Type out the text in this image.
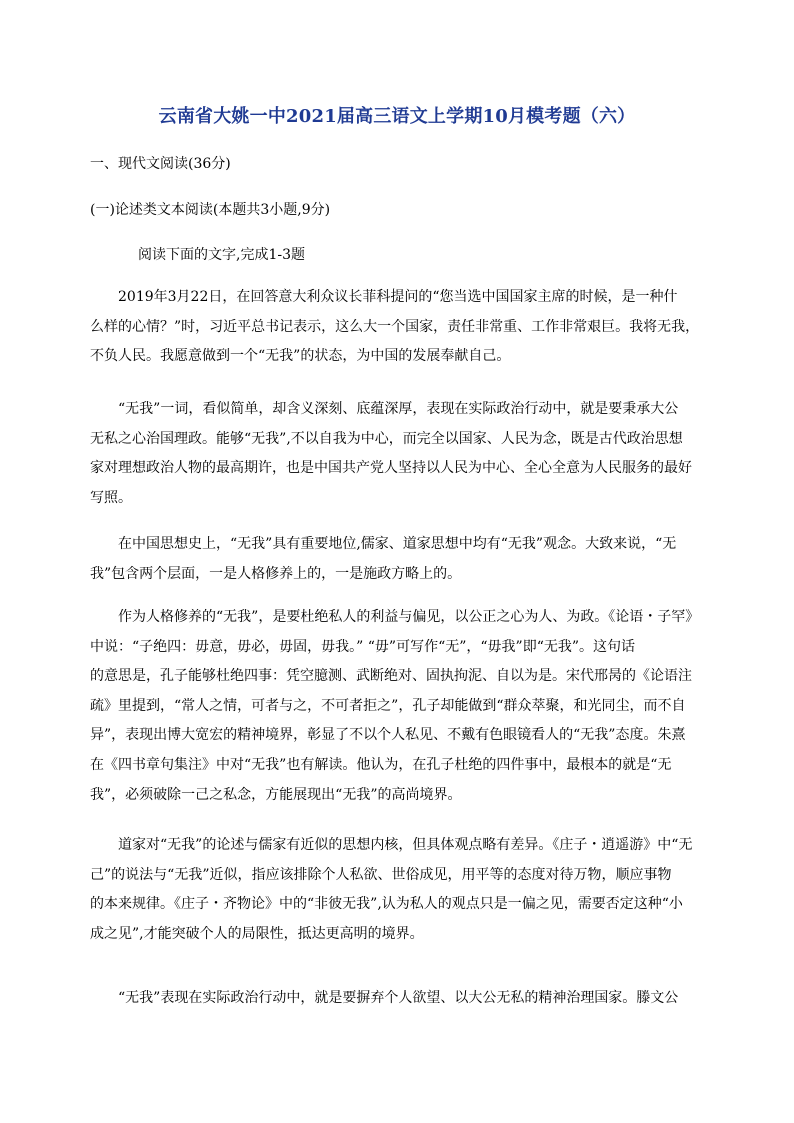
云南省大姚一中2021届高三语文上学期10月模考题（六）
一、现代文阅读(36分)
(一)论述类文本阅读(本题共3小题,9分)
阅读下面的文字,完成1-3题
2019年3月22日，在回答意大利众议长菲科提问的“您当选中国国家主席的时候，是一种什
么样的心情？”时，习近平总书记表示，这么大一个国家，责任非常重、工作非常艰巨。我将无我，
不负人民。我愿意做到一个“无我”的状态，为中国的发展奉献自己。
“无我”一词，看似简单，却含义深刻、底蕴深厚，表现在实际政治行动中，就是要秉承大公
无私之心治国理政。能够“无我”,不以自我为中心，而完全以国家、人民为念，既是古代政治思想
家对理想政治人物的最高期许，也是中国共产党人坚持以人民为中心、全心全意为人民服务的最好
写照。
在中国思想史上，“无我”具有重要地位,儒家、道家思想中均有“无我”观念。大致来说，“无
我”包含两个层面，一是人格修养上的，一是施政方略上的。
作为人格修养的“无我”，是要杜绝私人的利益与偏见，以公正之心为人、为政。《论语・子罕》
中说：“子绝四：毋意，毋必，毋固，毋我。” “毋”可写作“无”，“毋我”即“无我”。这句话
的意思是，孔子能够杜绝四事：凭空臆测、武断绝对、固执拘泥、自以为是。宋代邢昺的《论语注
疏》里提到，“常人之情，可者与之，不可者拒之”，孔子却能做到“群众萃聚，和光同尘，而不自
异”，表现出博大宽宏的精神境界，彰显了不以个人私见、不戴有色眼镜看人的“无我”态度。朱熹
在《四书章句集注》中对“无我”也有解读。他认为，在孔子杜绝的四件事中，最根本的就是“无
我”，必须破除一己之私念，方能展现出“无我”的高尚境界。
道家对“无我”的论述与儒家有近似的思想内核，但具体观点略有差异。《庄子・逍遥游》中“无
己”的说法与“无我”近似，指应该排除个人私欲、世俗成见，用平等的态度对待万物，顺应事物
的本来规律。《庄子・齐物论》中的“非彼无我”,认为私人的观点只是一偏之见，需要否定这种“小
成之见”,才能突破个人的局限性，抵达更高明的境界。
“无我”表现在实际政治行动中，就是要摒弃个人欲望、以大公无私的精神治理国家。滕文公
